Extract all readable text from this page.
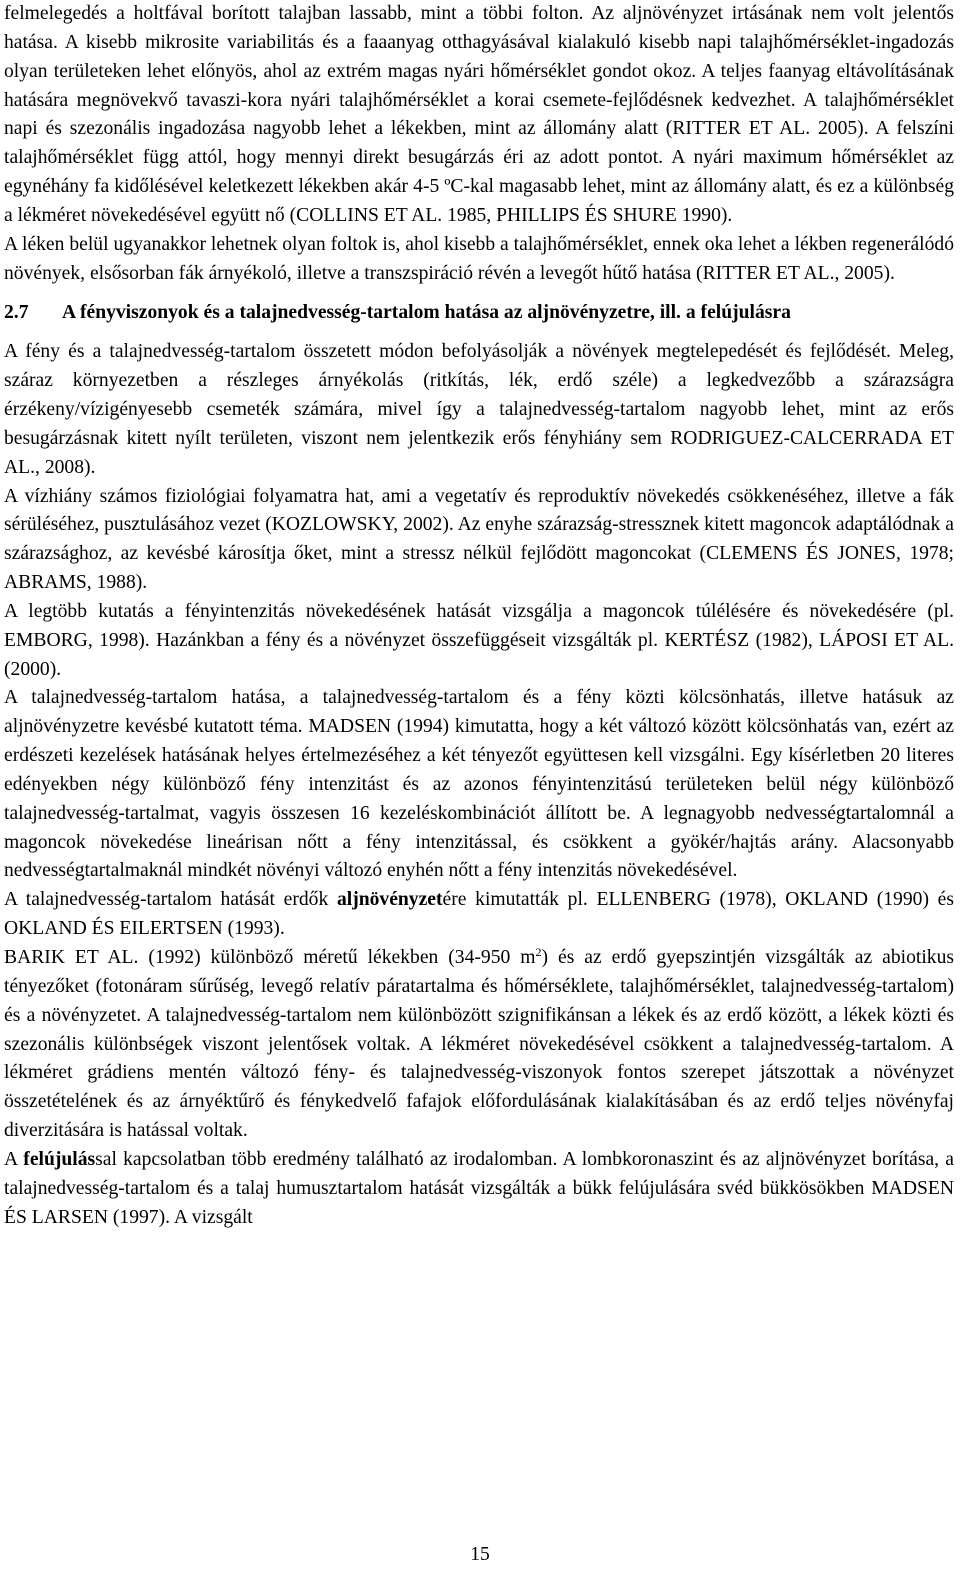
felmelegedés a holtfával borított talajban lassabb, mint a többi folton. Az aljnövényzet irtásának nem volt jelentős hatása. A kisebb mikrosite variabilitás és a faaanyag otthagyásával kialakuló kisebb napi talajhőmérséklet-ingadozás olyan területeken lehet előnyös, ahol az extrém magas nyári hőmérséklet gondot okoz. A teljes faanyag eltávolításának hatására megnövekvő tavaszi-kora nyári talajhőmérséklet a korai csemete-fejlődésnek kedvezhet. A talajhőmérséklet napi és szezonális ingadozása nagyobb lehet a lékekben, mint az állomány alatt (RITTER ET AL. 2005). A felszíni talajhőmérséklet függ attól, hogy mennyi direkt besugárzás éri az adott pontot. A nyári maximum hőmérséklet az egynéhány fa kidőlésével keletkezett lékekben akár 4-5 ºC-kal magasabb lehet, mint az állomány alatt, és ez a különbség a lékméret növekedésével együtt nő (COLLINS ET AL. 1985, PHILLIPS ÉS SHURE 1990).

A léken belül ugyanakkor lehetnek olyan foltok is, ahol kisebb a talajhőmérséklet, ennek oka lehet a lékben regenerálódó növények, elsősorban fák árnyékoló, illetve a transzspiráció révén a levegőt hűtő hatása (RITTER ET AL., 2005).

2.7	A fényviszonyok és a talajnedvesség-tartalom hatása az aljnövényzetre, ill. a felújulásra

A fény és a talajnedvesség-tartalom összetett módon befolyásolják a növények megtelepedését és fejlődését. Meleg, száraz környezetben a részleges árnyékolás (ritkítás, lék, erdő széle) a legkedvezőbb a szárazságra érzékeny/vízigényesebb csemeték számára, mivel így a talajnedvesség-tartalom nagyobb lehet, mint az erős besugárzásnak kitett nyílt területen, viszont nem jelentkezik erős fényhiány sem RODRIGUEZ-CALCERRADA ET AL., 2008).

A vízhiány számos fiziológiai folyamatra hat, ami a vegetatív és reproduktív növekedés csökkenéséhez, illetve a fák sérüléséhez, pusztulásához vezet (KOZLOWSKY, 2002). Az enyhe szárazság-stressznek kitett magoncok adaptálódnak a szárazsághoz, az kevésbé károsítja őket, mint a stressz nélkül fejlődött magoncokat (CLEMENS ÉS JONES, 1978; ABRAMS, 1988).

A legtöbb kutatás a fényintenzitás növekedésének hatását vizsgálja a magoncok túlélésére és növekedésére (pl. EMBORG, 1998). Hazánkban a fény és a növényzet összefüggéseit vizsgálták pl. KERTÉSZ (1982), LÁPOSI ET AL. (2000).

A talajnedvesség-tartalom hatása, a talajnedvesség-tartalom és a fény közti kölcsönhatás, illetve hatásuk az aljnövényzetre kevésbé kutatott téma. MADSEN (1994) kimutatta, hogy a két változó között kölcsönhatás van, ezért az erdészeti kezelések hatásának helyes értelmezéséhez a két tényezőt együttesen kell vizsgálni. Egy kísérletben 20 literes edényekben négy különböző fény intenzitást és az azonos fényintenzitású területeken belül négy különböző talajnedvesség-tartalmat, vagyis összesen 16 kezeléskombinációt állított be. A legnagyobb nedvességtartalomnál a magoncok növekedése lineárisan nőtt a fény intenzitással, és csökkent a gyökér/hajtás arány. Alacsonyabb nedvességtartalmaknál mindkét növényi változó enyhén nőtt a fény intenzitás növekedésével.

A talajnedvesség-tartalom hatását erdők aljnövényzetére kimutatták pl. ELLENBERG (1978), OKLAND (1990) és OKLAND ÉS EILERTSEN (1993).

BARIK ET AL. (1992) különböző méretű lékekben (34-950 $m^2$) és az erdő gyepszintjén vizsgálták az abiotikus tényezőket (fotonáram sűrűség, levegő relatív páratartalma és hőmérséklete, talajhőmérséklet, talajnedvesség-tartalom) és a növényzetet. A talajnedvesség-tartalom nem különbözött szignifikánsan a lékek és az erdő között, a lékek közti és szezonális különbségek viszont jelentősek voltak. A lékméret növekedésével csökkent a talajnedvesség-tartalom. A lékméret grádiens mentén változó fény- és talajnedvesség-viszonyok fontos szerepet játszottak a növényzet összetételének és az árnyéktűrő és fénykedvelő fafajok előfordulásának kialakításában és az erdő teljes növényfaj diverzitására is hatással voltak.

A felújulással kapcsolatban több eredmény található az irodalomban. A lombkoronaszint és az aljnövényzet borítása, a talajnedvesség-tartalom és a talaj humusztartalom hatását vizsgálták a bükk felújulására svéd bükkösökben MADSEN ÉS LARSEN (1997). A vizsgált

15
